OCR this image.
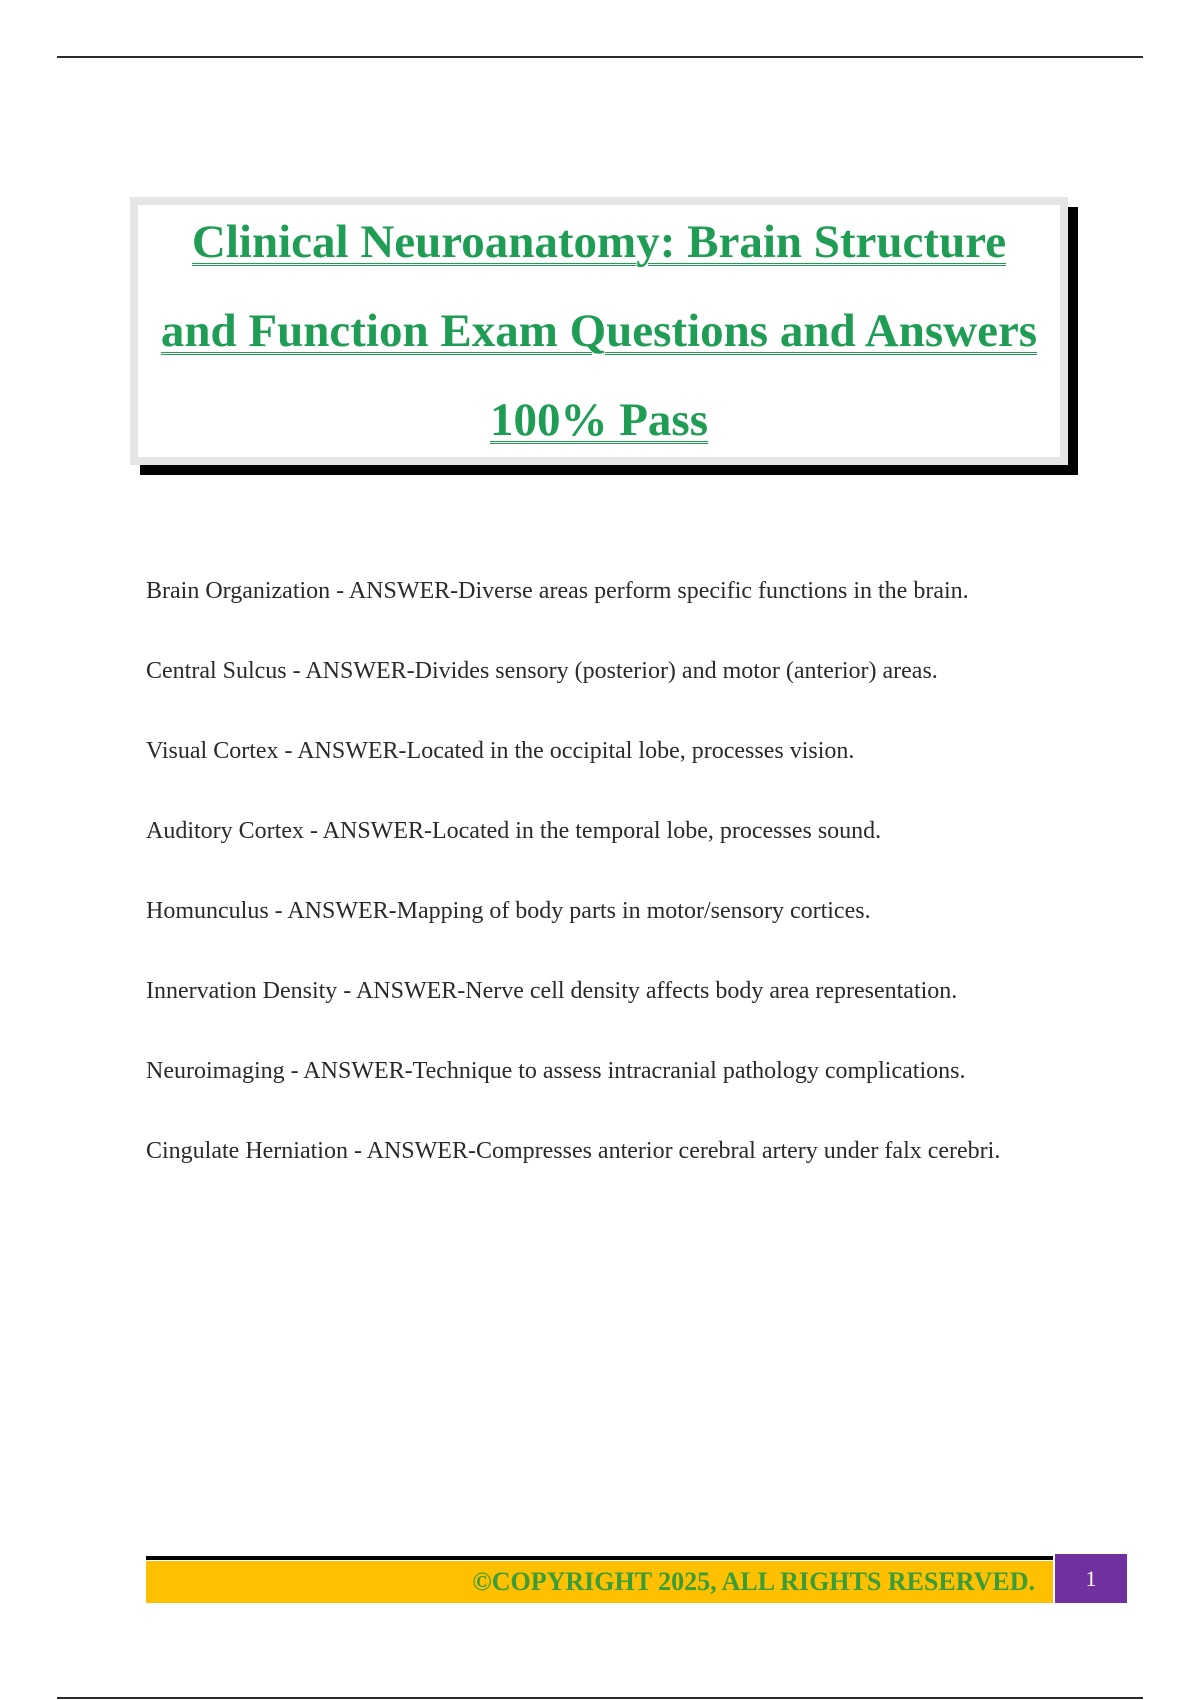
Clinical Neuroanatomy: Brain Structure and Function Exam Questions and Answers 100% Pass

Brain Organization - ANSWER-Diverse areas perform specific functions in the brain.

Central Sulcus - ANSWER-Divides sensory (posterior) and motor (anterior) areas.

Visual Cortex - ANSWER-Located in the occipital lobe, processes vision.

Auditory Cortex - ANSWER-Located in the temporal lobe, processes sound.

Homunculus - ANSWER-Mapping of body parts in motor/sensory cortices.

Innervation Density - ANSWER-Nerve cell density affects body area representation.

Neuroimaging - ANSWER-Technique to assess intracranial pathology complications.

Cingulate Herniation - ANSWER-Compresses anterior cerebral artery under falx cerebri.

©COPYRIGHT 2025, ALL RIGHTS RESERVED.	1
